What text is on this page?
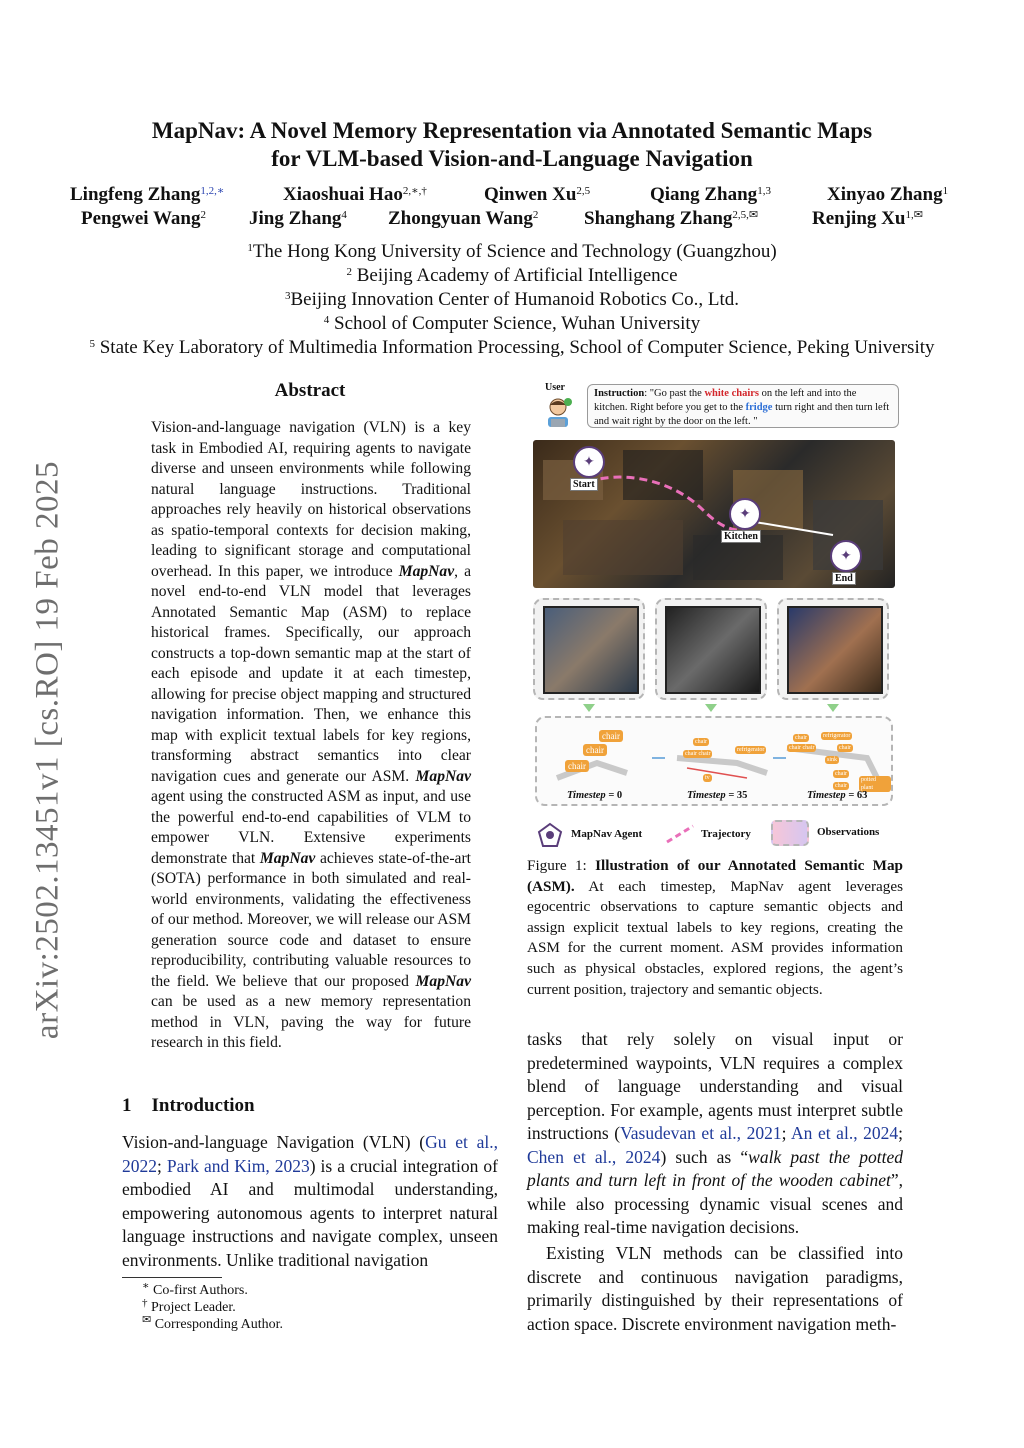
MapNav: A Novel Memory Representation via Annotated Semantic Maps
for VLM-based Vision-and-Language Navigation
Lingfeng Zhang$^{1,2,∗}$	Xiaoshuai Hao$^{2,∗,\dagger}$	Qinwen Xu$^{2,5}$	Qiang Zhang$^{1,3}$	Xinyao Zhang$^1$
Pengwei Wang$^2$ Jing Zhang$^4$ Zhongyuan Wang$^2$ Shanghang Zhang$^{2,5,✉}$	Renjing $Xu^{1,✉}$
$^1$The Hong Kong University of Science and Technology (Guangzhou)
$^2$ Beijing Academy of Artificial Intelligence
$^3$Beijing Innovation Center of Humanoid Robotics Co., Ltd.
$^4$ School of Computer Science, Wuhan University
$^5$ State Key Laboratory of Multimedia Information Processing, School of Computer Science, Peking University
arXiv:2502.13451v1 [cs.RO] 19 Feb 2025
Abstract
Vision-and-language navigation (VLN) is a key task in Embodied AI, requiring agents to navigate diverse and unseen environments while following natural language instructions. Traditional approaches rely heavily on historical observations as spatio-temporal contexts for decision making, leading to significant storage and computational overhead. In this paper, we introduce MapNav, a novel end-to-end VLN model that leverages Annotated Semantic Map (ASM) to replace historical frames. Specifically, our approach constructs a top-down semantic map at the start of each episode and update it at each timestep, allowing for precise object mapping and structured navigation information. Then, we enhance this map with explicit textual labels for key regions, transforming abstract semantics into clear navigation cues and generate our ASM. MapNav agent using the constructed ASM as input, and use the powerful end-to-end capabilities of VLM to empower VLN. Extensive experiments demonstrate that MapNav achieves state-of-the-art (SOTA) performance in both simulated and real-world environments, validating the effectiveness of our method. Moreover, we will release our ASM generation source code and dataset to ensure reproducibility, contributing valuable resources to the field. We believe that our proposed MapNav can be used as a new memory representation method in VLN, paving the way for future research in this field.
1 Introduction
Vision-and-language Navigation (VLN) (Gu et al., 2022; Park and Kim, 2023) is a crucial integration of embodied AI and multimodal understanding, empowering autonomous agents to interpret natural language instructions and navigate complex, unseen environments. Unlike traditional navigation
∗ Co-first Authors.
† Project Leader.
✉ Corresponding Author.
User
Instruction: "Go past the white chairs on the left and into the kitchen. Right before you get to the fridge turn right and then turn left and wait right by the door on the left. "
✦
Start
✦
Kitchen
✦
End
chair
chair
chair
chair
chair chair
refrigerator
tv
chair
chair chair
refrigerator
chair
sink
chair
potted plant
chair
Timestep = 0	Timestep = 35	Timestep = 63
MapNav Agent	Trajectory	Observations
Figure 1: Illustration of our Annotated Semantic Map (ASM). At each timestep, MapNav agent leverages egocentric observations to capture semantic objects and assign explicit textual labels to key regions, creating the ASM for the current moment. ASM provides information such as physical obstacles, explored regions, the agent’s current position, trajectory and semantic objects.
tasks that rely solely on visual input or predetermined waypoints, VLN requires a complex blend of language understanding and visual perception. For example, agents must interpret subtle instructions (Vasudevan et al., 2021; An et al., 2024; Chen et al., 2024) such as “walk past the potted plants and turn left in front of the wooden cabinet”, while also processing dynamic visual scenes and making real-time navigation decisions.
Existing VLN methods can be classified into discrete and continuous navigation paradigms, primarily distinguished by their representations of action space. Discrete environment navigation meth-
